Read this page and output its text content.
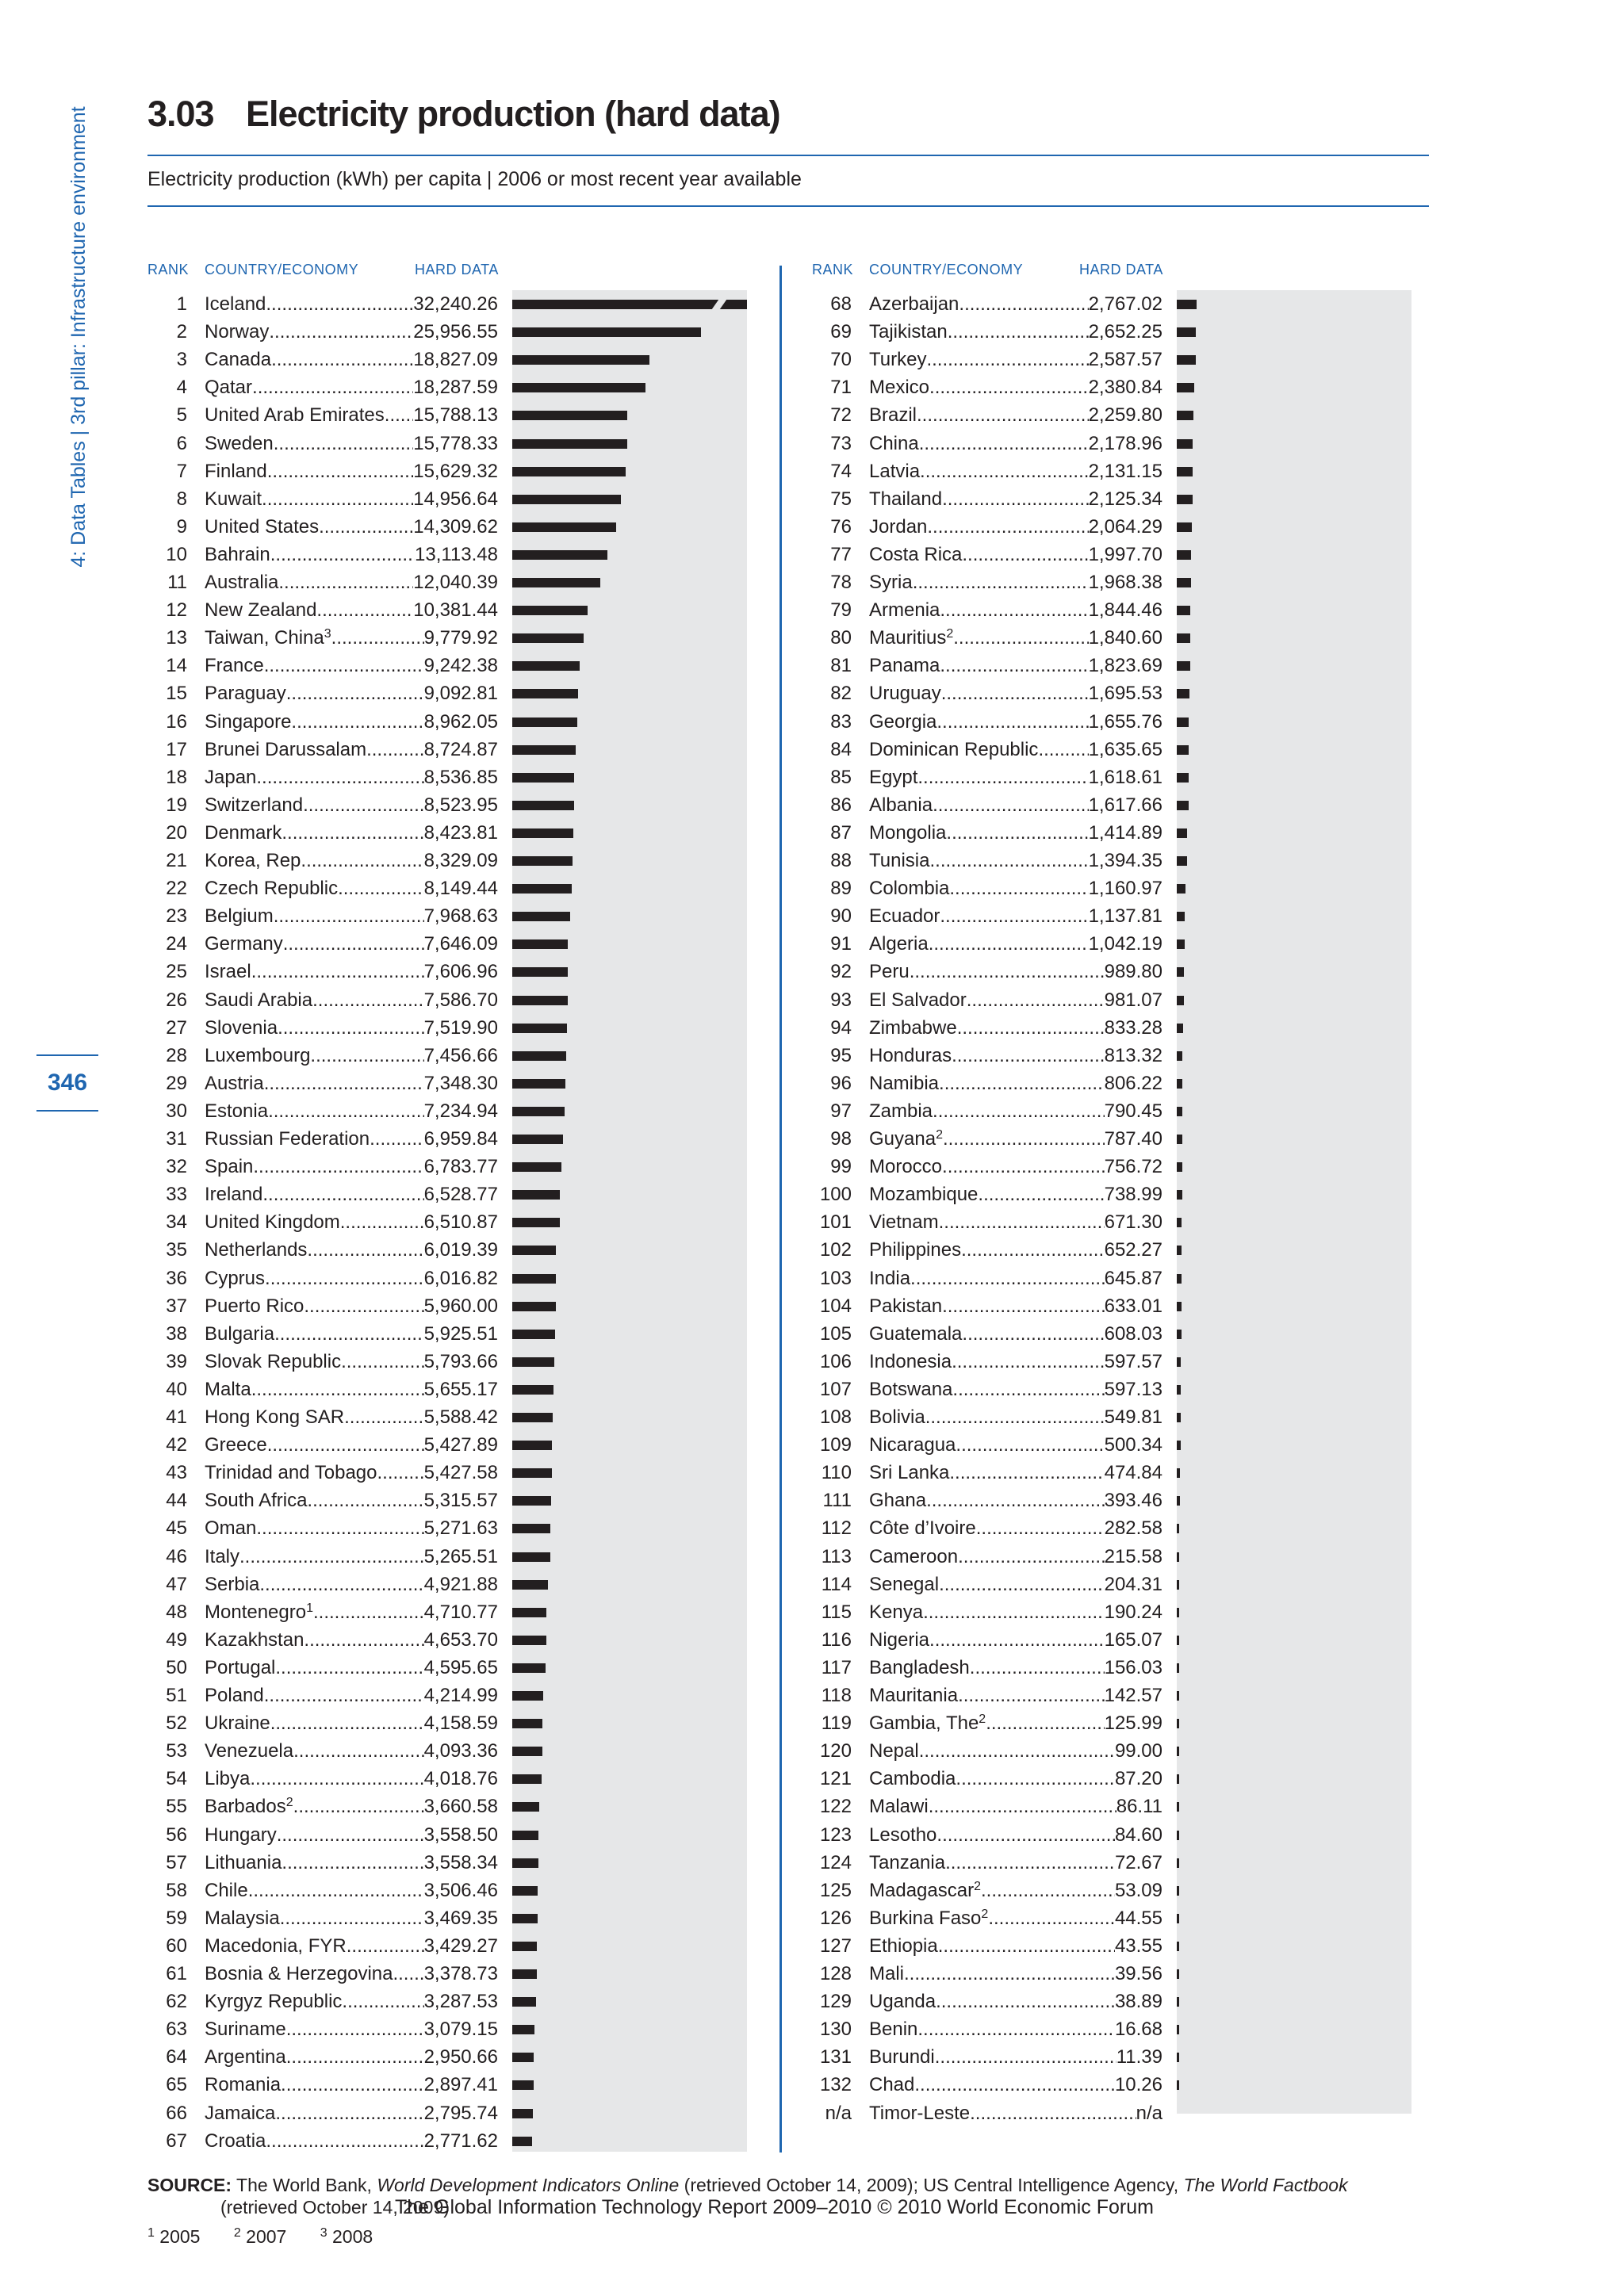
4: Data Tables | 3rd pillar: Infrastructure environment
346
3.03 Electricity production (hard data)
Electricity production (kWh) per capita | 2006 or most recent year available
RANK COUNTRY/ECONOMY	HARD DATA	RANK COUNTRY/ECONOMY	HARD DATA
1 Iceland .....	32,240.26
2 Norway .....	25,956.55
3 Canada .....	18,827.09
4 Qatar .....	18,287.59
5 United Arab Emirates ..... 15,788.13
6 Sweden .....	15,778.33
7 Finland .....	15,629.32
8 Kuwait .....	14,956.64
9 United States .....	14,309.62
10 Bahrain .....	13,113.48
11 Australia .....	12,040.39
12 New Zealand .....	10,381.44
13 Taiwan, China$^3$ .....	9,779.92
14 France .....	9,242.38
15 Paraguay .....	9,092.81
16 Singapore .....	8,962.05
17 Brunei Darussalam .....	8,724.87
18 Japan .....	8,536.85
19 Switzerland .....	8,523.95
20 Denmark .....	8,423.81
21 Korea, Rep. .....	8,329.09
22 Czech Republic .....	8,149.44
23 Belgium .....	7,968.63
24 Germany .....	7,646.09
25 Israel .....	7,606.96
26 Saudi Arabia .....	7,586.70
27 Slovenia .....	7,519.90
28 Luxembourg .....	7,456.66
29 Austria .....	7,348.30
30 Estonia .....	7,234.94
31 Russian Federation .....	6,959.84
32 Spain .....	6,783.77
33 Ireland .....	6,528.77
34 United Kingdom .....	6,510.87
35 Netherlands .....	6,019.39
36 Cyprus .....	6,016.82
37 Puerto Rico .....	5,960.00
38 Bulgaria .....	5,925.51
39 Slovak Republic .....	5,793.66
40 Malta .....	5,655.17
41 Hong Kong SAR .....	5,588.42
42 Greece .....	5,427.89
43 Trinidad and Tobago ..... 5,427.58
44 South Africa .....	5,315.57
45 Oman .....	5,271.63
46 Italy .....	5,265.51
47 Serbia .....	4,921.88
48 Montenegro$^1$ .....	4,710.77
49 Kazakhstan .....	4,653.70
50 Portugal .....	4,595.65
51 Poland .....	4,214.99
52 Ukraine .....	4,158.59
53 Venezuela .....	4,093.36
54 Libya .....	4,018.76
55 Barbados$^2$ .....	3,660.58
56 Hungary .....	3,558.50
57 Lithuania .....	3,558.34
58 Chile .....	3,506.46
59 Malaysia .....	3,469.35
60 Macedonia, FYR .....	3,429.27
61 Bosnia & Herzegovina ..... 3,378.73
62 Kyrgyz Republic .....	3,287.53
63 Suriname .....	3,079.15
64 Argentina .....	2,950.66
65 Romania .....	2,897.41
66 Jamaica .....	2,795.74
67 Croatia .....	2,771.62
68 Azerbaijan .....	2,767.02
69 Tajikistan .....	2,652.25
70 Turkey .....	2,587.57
71 Mexico .....	2,380.84
72 Brazil .....	2,259.80
73 China .....	2,178.96
74 Latvia .....	2,131.15
75 Thailand .....	2,125.34
76 Jordan .....	2,064.29
77 Costa Rica .....	1,997.70
78 Syria .....	1,968.38
79 Armenia .....	1,844.46
80 Mauritius$^2$ .....	1,840.60
81 Panama .....	1,823.69
82 Uruguay .....	1,695.53
83 Georgia .....	1,655.76
84 Dominican Republic .....	1,635.65
85 Egypt .....	1,618.61
86 Albania .....	1,617.66
87 Mongolia .....	1,414.89
88 Tunisia .....	1,394.35
89 Colombia .....	1,160.97
90 Ecuador .....	1,137.81
91 Algeria .....	1,042.19
92 Peru .....	989.80
93 El Salvador .....	981.07
94 Zimbabwe .....	833.28
95 Honduras .....	813.32
96 Namibia .....	806.22
97 Zambia .....	790.45
98 Guyana$^2$ .....	787.40
99 Morocco .....	756.72
100 Mozambique .....	738.99
101 Vietnam .....	671.30
102 Philippines .....	652.27
103 India .....	645.87
104 Pakistan .....	633.01
105 Guatemala .....	608.03
106 Indonesia .....	597.57
107 Botswana .....	597.13
108 Bolivia .....	549.81
109 Nicaragua .....	500.34
110 Sri Lanka .....	474.84
111 Ghana .....	393.46
112 Côte d’Ivoire .....	282.58
113 Cameroon .....	215.58
114 Senegal .....	204.31
115 Kenya .....	190.24
116 Nigeria .....	165.07
117 Bangladesh .....	156.03
118 Mauritania .....	142.57
119 Gambia, The$^2$ .....	125.99
120 Nepal .....	99.00
121 Cambodia .....	87.20
122 Malawi .....	86.11
123 Lesotho .....	84.60
124 Tanzania .....	72.67
125 Madagascar$^2$ .....	53.09
126 Burkina Faso$^2$ .....	44.55
127 Ethiopia .....	43.55
128 Mali .....	39.56
129 Uganda .....	38.89
130 Benin .....	16.68
131 Burundi .....	11.39
132 Chad .....	10.26
n/a Timor-Leste .....	n/a
SOURCE: The World Bank, World Development Indicators Online (retrieved October 14, 2009); US Central Intelligence Agency, The World Factbook
(retrieved October 14, 2009)
The Global Information Technology Report 2009–2010 © 2010 World Economic Forum
$^1$ 2005	$^2$ 2007	$^3$ 2008
